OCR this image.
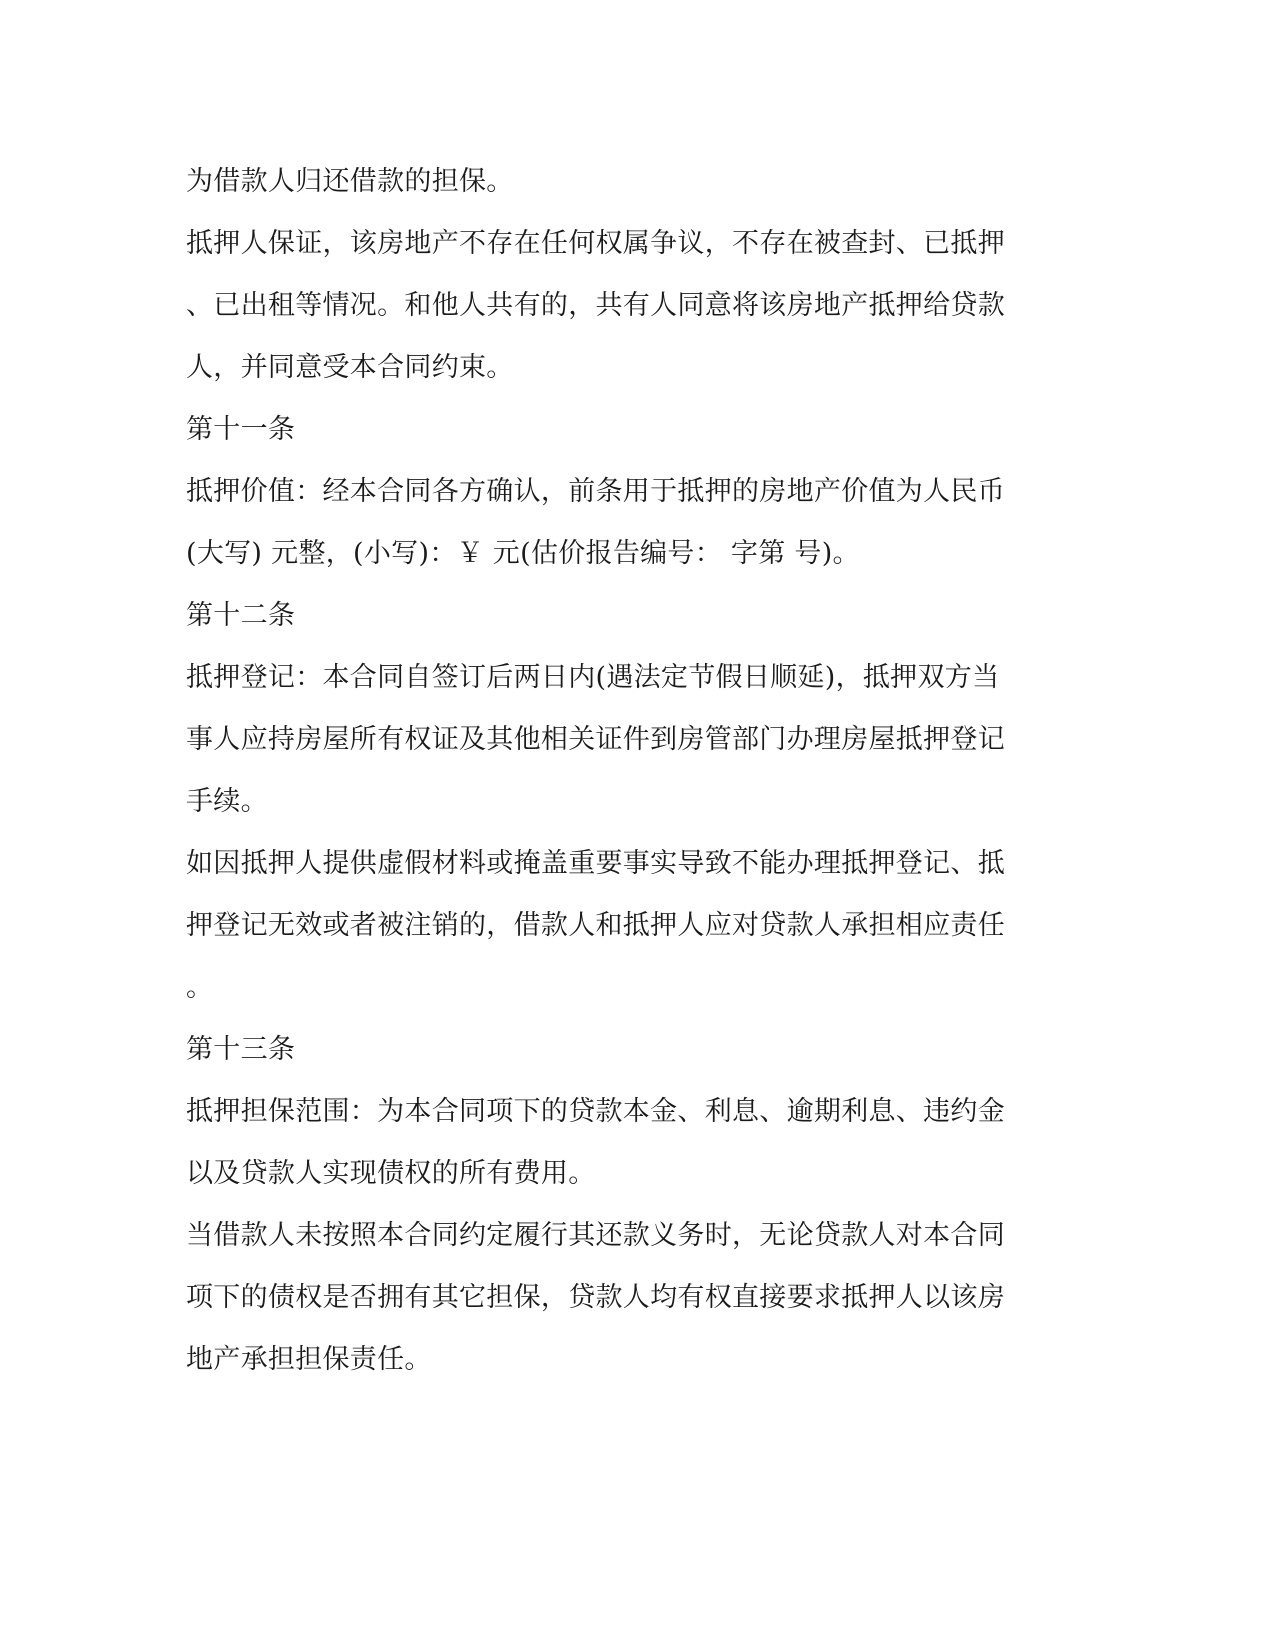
为借款人归还借款的担保。
抵押人保证，该房地产不存在任何权属争议，不存在被查封、已抵押
、已出租等情况。和他人共有的，共有人同意将该房地产抵押给贷款
人，并同意受本合同约束。
第十一条
抵押价值：经本合同各方确认，前条用于抵押的房地产价值为人民币
(大写) 元整，(小写)：￥ 元(估价报告编号： 字第 号)。
第十二条
抵押登记：本合同自签订后两日内(遇法定节假日顺延)，抵押双方当
事人应持房屋所有权证及其他相关证件到房管部门办理房屋抵押登记
手续。
如因抵押人提供虚假材料或掩盖重要事实导致不能办理抵押登记、抵
押登记无效或者被注销的，借款人和抵押人应对贷款人承担相应责任
。
第十三条
抵押担保范围：为本合同项下的贷款本金、利息、逾期利息、违约金
以及贷款人实现债权的所有费用。
当借款人未按照本合同约定履行其还款义务时，无论贷款人对本合同
项下的债权是否拥有其它担保，贷款人均有权直接要求抵押人以该房
地产承担担保责任。
